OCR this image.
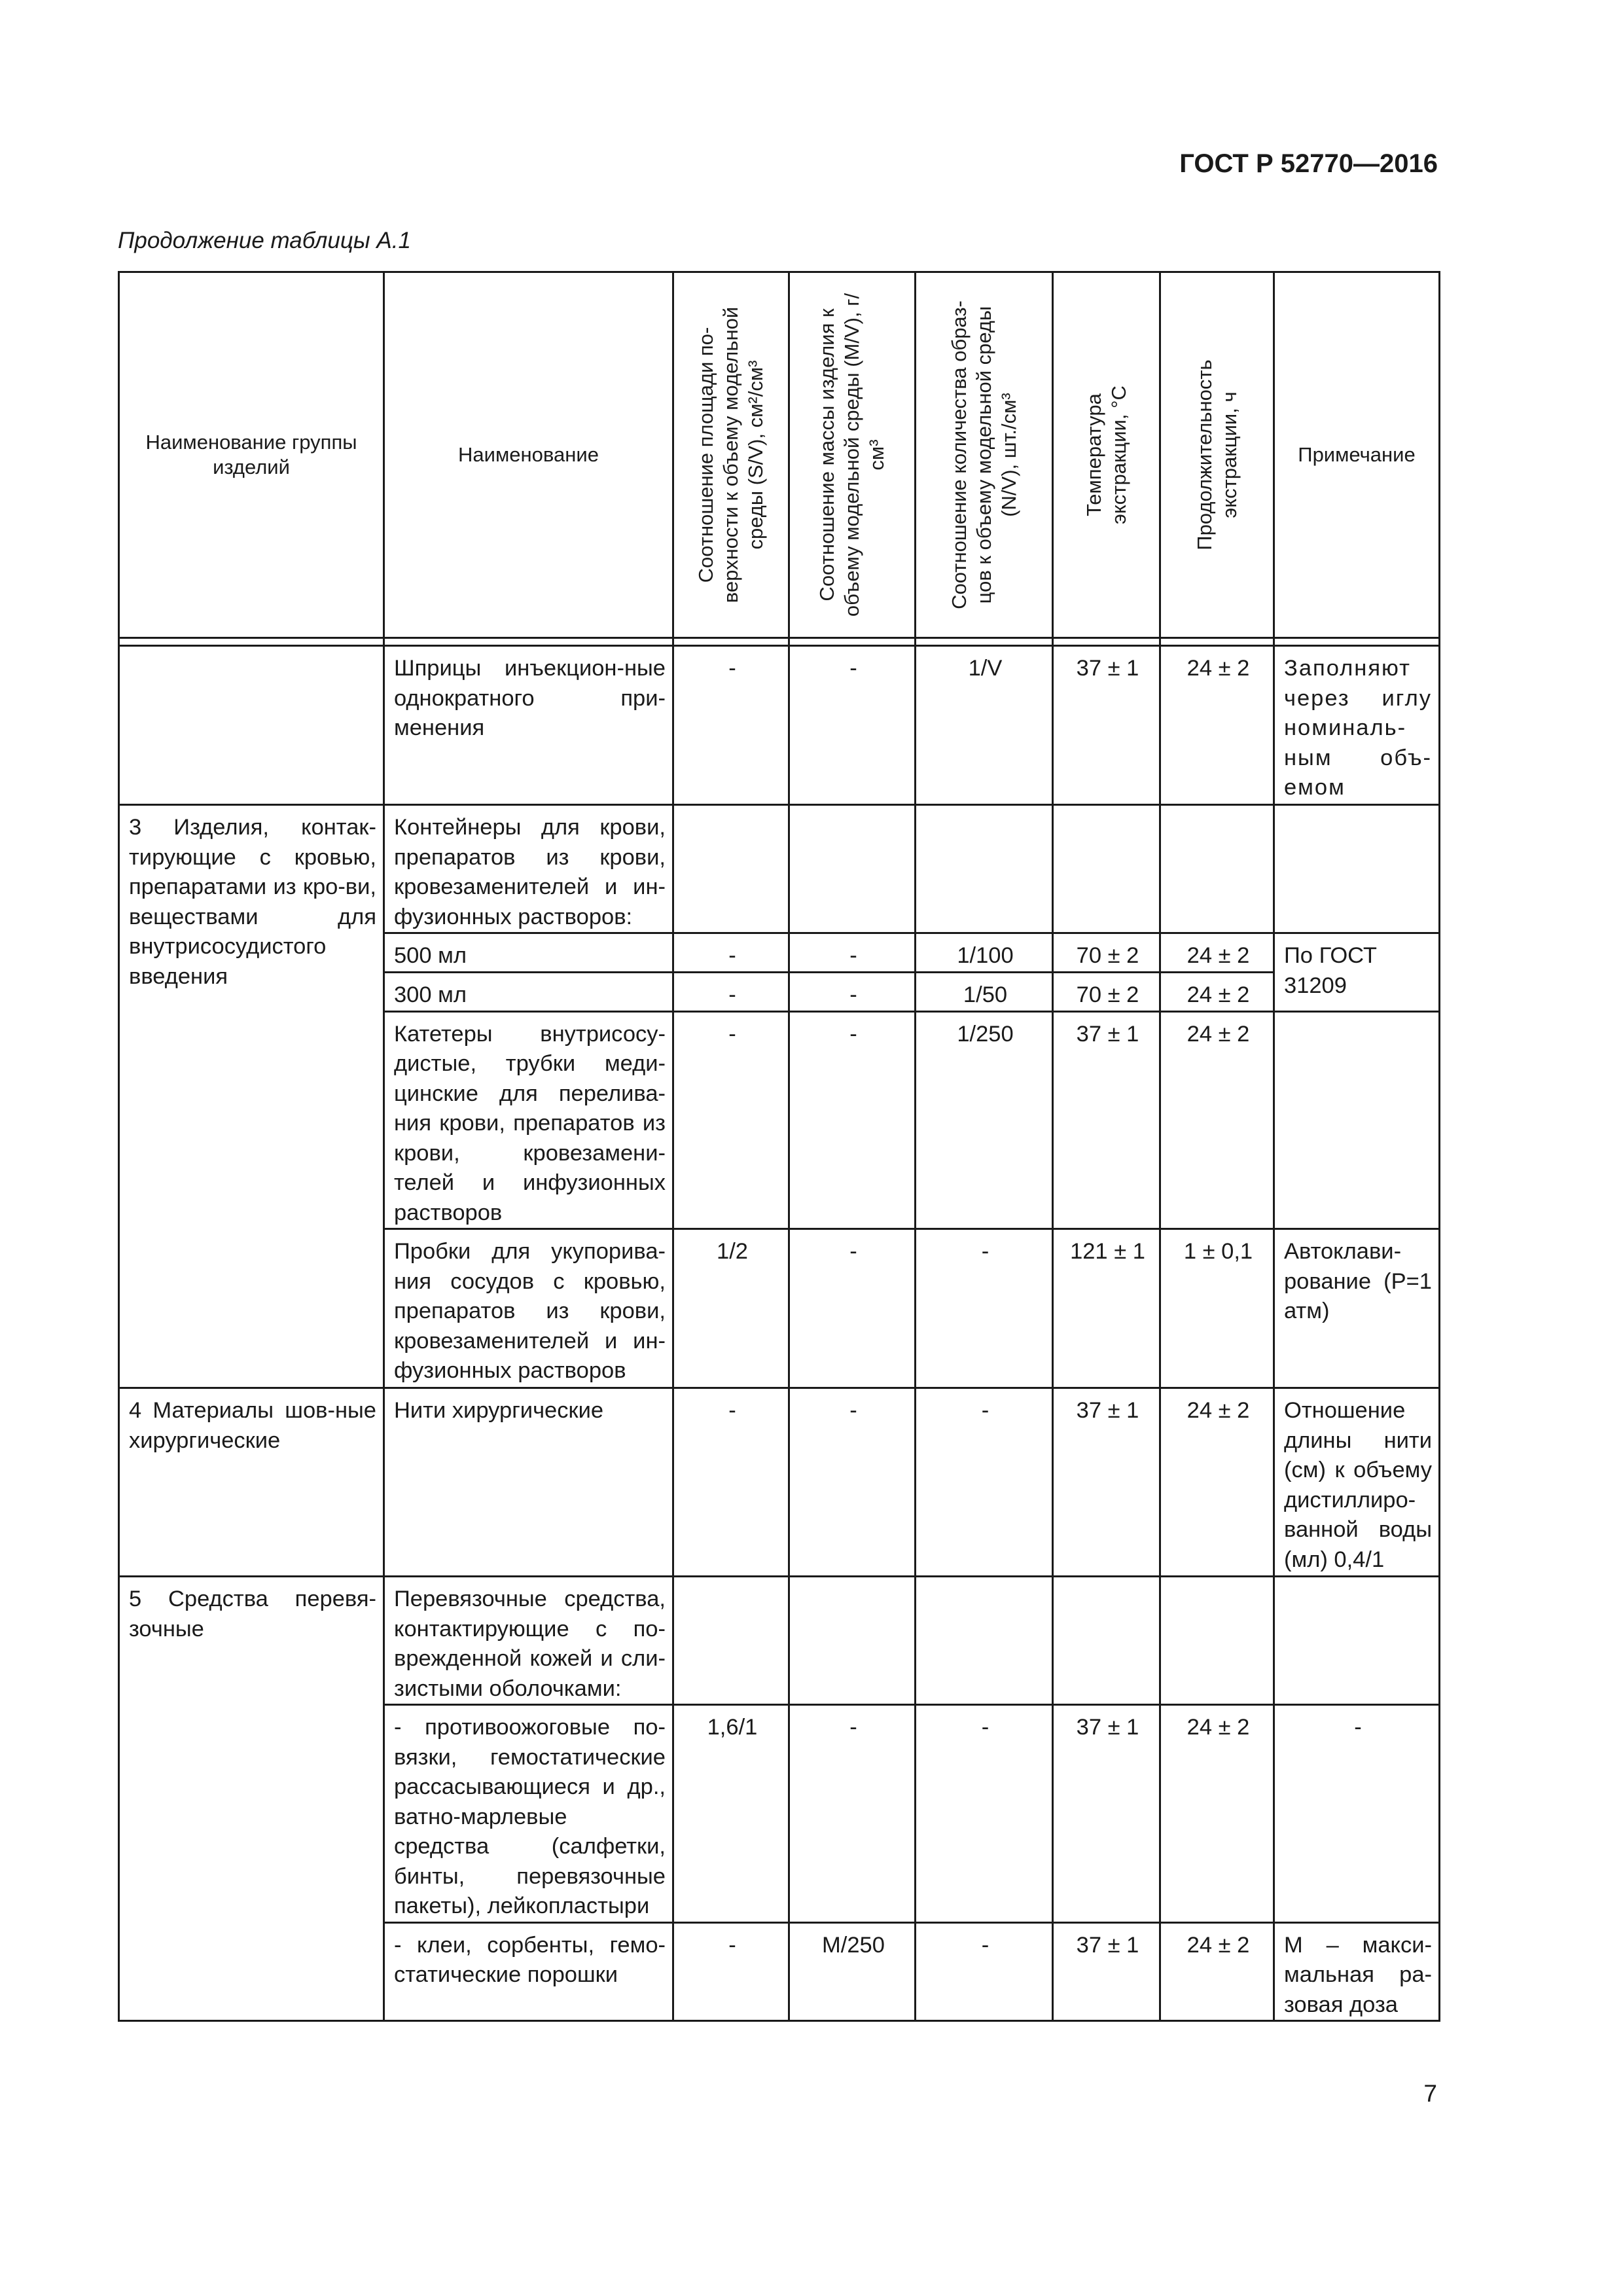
ГОСТ Р 52770—2016
Продолжение таблицы А.1
Наименование группы изделий	Наименование	Соотношение площади по-верхности к объему модельной среды (S/V), см²/см³	Соотношение массы изделия к объему модельной среды (M/V), г/см³	Соотношение количества образ-цов к объему модельной среды (N/V), шт./см³	Температура экстракции, °С	Продолжительность экстракции, ч	Примечание

	Шприцы инъекцион-ные однократного при-менения	-	-	1/V	37 ± 1	24 ± 2	Заполняют через иглу номиналь-ным объ-емом
3 Изделия, контак-тирующие с кровью, препаратами из кро-ви, веществами для внутрисосудистого введения	Контейнеры для крови, препаратов из крови, кровезаменителей и ин-фузионных растворов:						
	500 мл	-	-	1/100	70 ± 2	24 ± 2	По ГОСТ 31209
	300 мл	-	-	1/50	70 ± 2	24 ± 2	
	Катетеры внутрисосу-дистые, трубки меди-цинские для перелива-ния крови, препаратов из крови, кровезамени-телей и инфузионных растворов	-	-	1/250	37 ± 1	24 ± 2	
	Пробки для укупорива-ния сосудов с кровью, препаратов из крови, кровезаменителей и ин-фузионных растворов	1/2	-	-	121 ± 1	1 ± 0,1	Автоклави-рование (P=1 атм)
4 Материалы шов-ные хирургические	Нити хирургические	-	-	-	37 ± 1	24 ± 2	Отношение длины нити (см) к объему дистиллиро-ванной воды (мл) 0,4/1
5 Средства перевя-зочные	Перевязочные средства, контактирующие с по-врежденной кожей и сли-зистыми оболочками:						
	- противоожоговые по-вязки, гемостатические рассасывающиеся и др., ватно-марлевые средства (салфетки, бинты, перевязочные пакеты), лейкопластыри	1,6/1	-	-	37 ± 1	24 ± 2	-
	- клеи, сорбенты, гемо-статические порошки	-	M/250	-	37 ± 1	24 ± 2	M – макси-мальная ра-зовая доза
7
